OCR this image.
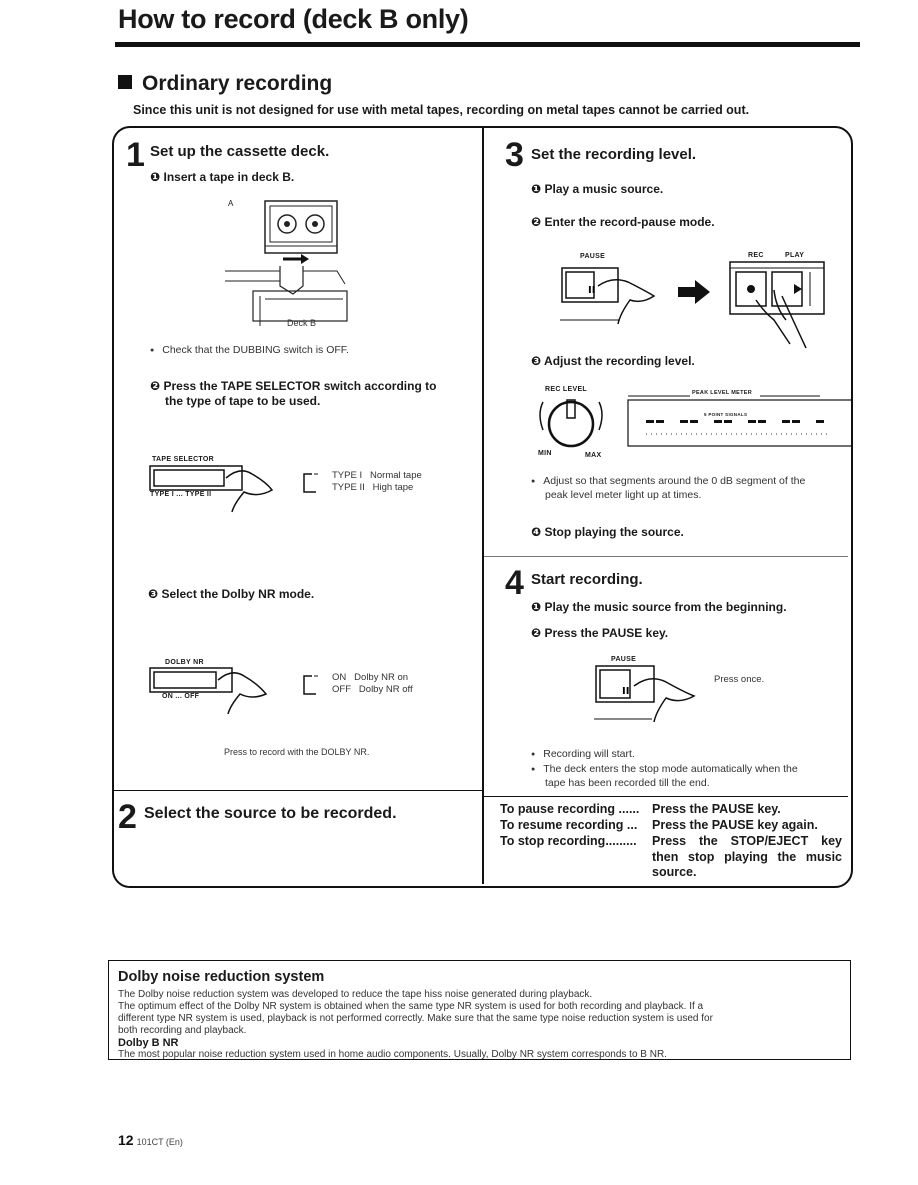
How to record (deck B only)
Ordinary recording
Since this unit is not designed for use with metal tapes, recording on metal tapes cannot be carried out.
1 Set up the cassette deck.
❶ Insert a tape in deck B.
A
Deck B
● Check that the DUBBING switch is OFF.
❷ Press the TAPE SELECTOR switch according to
the type of tape to be used.
TAPE SELECTOR
TYPE I ... TYPE II
TYPE I Normal tape
TYPE II High tape
❸ Select the Dolby NR mode.
DOLBY NR
ON ... OFF
ON Dolby NR on
OFF Dolby NR off
Press to record with the DOLBY NR.
2 Select the source to be recorded.
3 Set the recording level.
❶ Play a music source.
❷ Enter the record-pause mode.
PAUSE	REC	PLAY
II
❸ Adjust the recording level.
REC LEVEL
MIN	MAX
PEAK LEVEL METER
5 POINT SIGNALS
● Adjust so that segments around the 0 dB segment of the
peak level meter light up at times.
❹ Stop playing the source.
4 Start recording.
❶ Play the music source from the beginning.
❷ Press the PAUSE key.
PAUSE
II
Press once.
● Recording will start.
● The deck enters the stop mode automatically when the
tape has been recorded till the end.
To pause recording ......	Press the PAUSE key.
To resume recording ...	Press the PAUSE key again.
To stop recording.........	Press the STOP/EJECT key then stop playing the music source.
Dolby noise reduction system
The Dolby noise reduction system was developed to reduce the tape hiss noise generated during playback.
The optimum effect of the Dolby NR system is obtained when the same type NR system is used for both recording and playback. If a
different type NR system is used, playback is not performed correctly. Make sure that the same type noise reduction system is used for
both recording and playback.
Dolby B NR
The most popular noise reduction system used in home audio components. Usually, Dolby NR system corresponds to B NR.
12 101CT (En)
